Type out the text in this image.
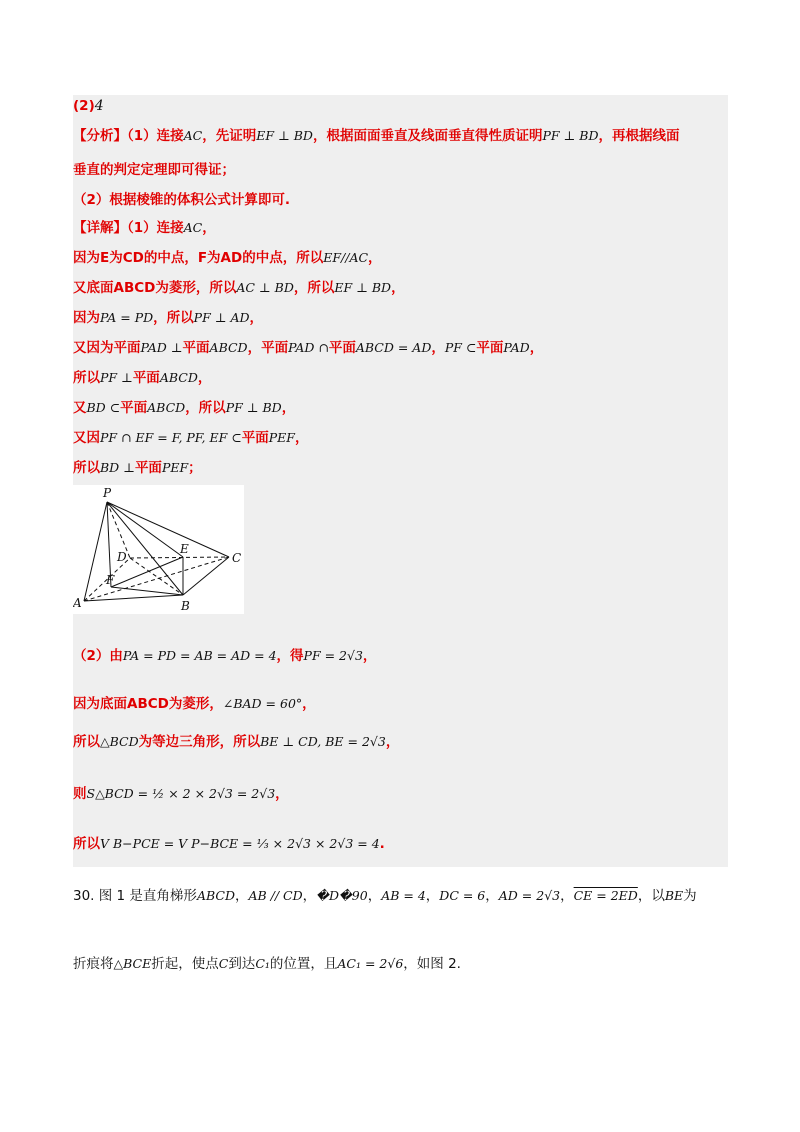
(2)4
【分析】（1）连接AC，先证明EF ⊥ BD，根据面面垂直及线面垂直得性质证明PF ⊥ BD，再根据线面
垂直的判定定理即可得证；
（2）根据棱锥的体积公式计算即可.
【详解】（1）连接AC，
因为E为CD的中点，F为AD的中点，所以EF//AC，
又底面ABCD为菱形，所以AC ⊥ BD，所以EF ⊥ BD，
因为PA = PD，所以PF ⊥ AD，
又因为平面PAD ⊥平面ABCD，平面PAD ∩平面ABCD = AD，PF ⊂平面PAD，
所以PF ⊥平面ABCD，
又BD ⊂平面ABCD，所以PF ⊥ BD，
又因PF ∩ EF = F, PF, EF ⊂平面PEF，
所以BD ⊥平面PEF；
P
D
E
C
F
A	B
（2）由PA = PD = AB = AD = 4，得PF = 2√3，
因为底面ABCD为菱形，∠BAD = 60°，
所以△BCD为等边三角形，所以BE ⊥ CD, BE = 2√3，
则S△BCD = ½ × 2 × 2√3 = 2√3，
所以V B−PCE = V P−BCE = ⅓ × 2√3 × 2√3 = 4.
30. 图 1 是直角梯形ABCD，AB // CD，�D�90，AB = 4，DC = 6，AD = 2√3，CE = 2ED，以BE为
折痕将△BCE折起，使点C到达C₁的位置，且AC₁ = 2√6，如图 2.
